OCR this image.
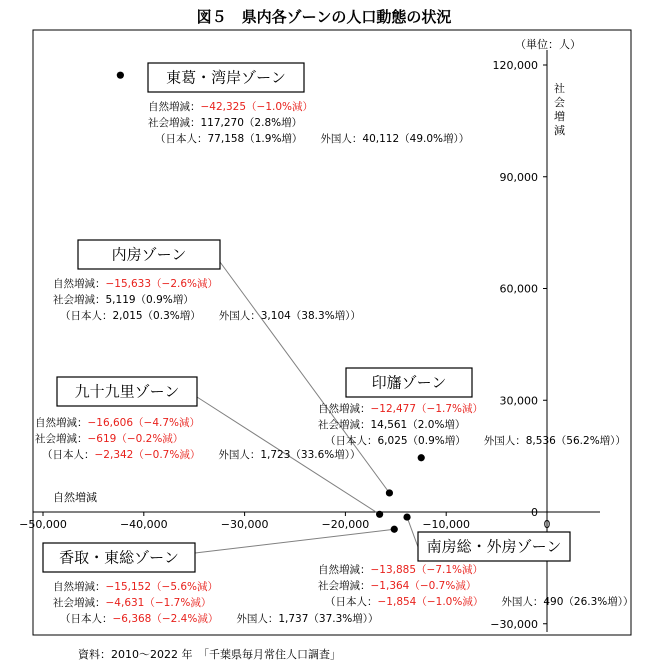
図５　県内各ゾーンの人口動態の状況
−50,000	−40,000	−30,000	−20,000	−10,000	0
120,000
90,000
60,000
30,000
0
−30,000
自然増減
（単位：人）
社会増減
東葛・湾岸ゾーン
自然増減：−42,325（−1.0%減）
社会増減：117,270（2.8%増）
（日本人：77,158（1.9%増） 外国人：40,112（49.0%増））
内房ゾーン
自然増減：−15,633（−2.6%減）
社会増減：5,119（0.9%増）
（日本人：2,015（0.3%増） 外国人：3,104（38.3%増））
印旛ゾーン
自然増減：−12,477（−1.7%減）
社会増減：14,561（2.0%増）
（日本人：6,025（0.9%増） 外国人：8,536（56.2%増））
九十九里ゾーン
自然増減：−16,606（−4.7%減）
社会増減：−619（−0.2%減）
（日本人：−2,342（−0.7%減） 外国人：1,723（33.6%増））
南房総・外房ゾーン
自然増減：−13,885（−7.1%減）
社会増減：−1,364（−0.7%減）
（日本人：−1,854（−1.0%減） 外国人：490（26.3%増））
香取・東総ゾーン
自然増減：−15,152（−5.6%減）
社会増減：−4,631（−1.7%減）
（日本人：−6,368（−2.4%減） 外国人：1,737（37.3%増））
資料：2010～2022 年　「千葉県毎月常住人口調査」
